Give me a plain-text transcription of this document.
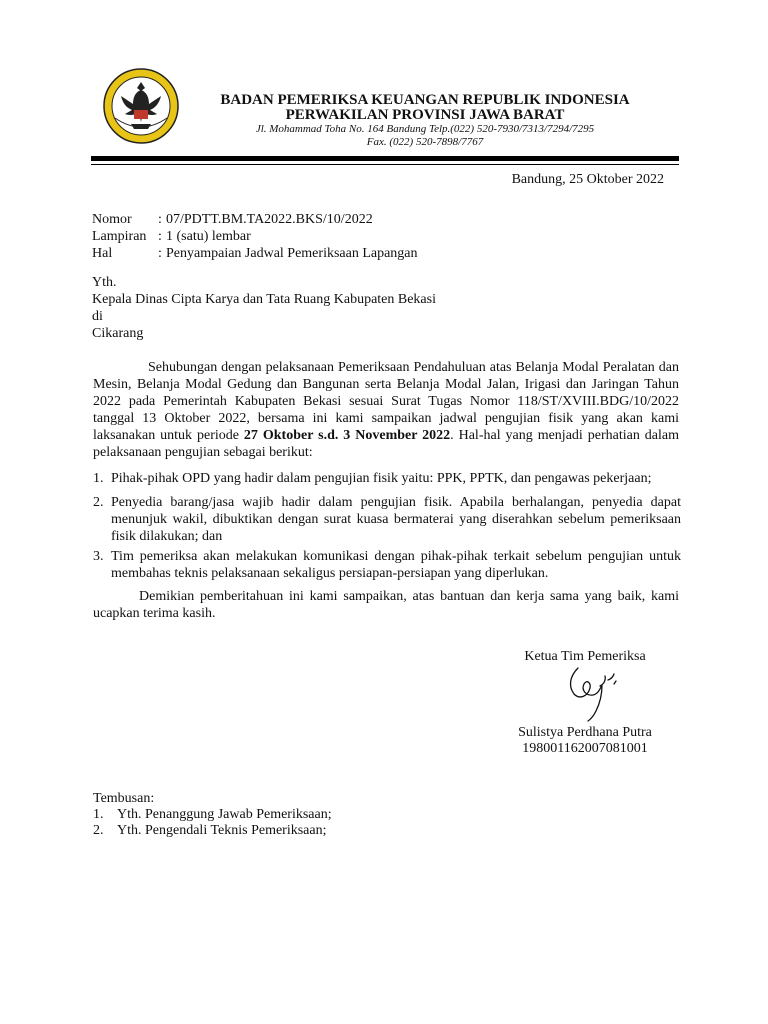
BADAN PEMERIKSA KEUANGAN REPUBLIK INDONESIA
PERWAKILAN PROVINSI JAWA BARAT
Jl. Mohammad Toha No. 164 Bandung Telp.(022) 520-7930/7313/7294/7295
Fax. (022) 520-7898/7767
Bandung, 25 Oktober 2022
Nomor : 07/PDTT.BM.TA2022.BKS/10/2022
Lampiran : 1 (satu) lembar
Hal	: Penyampaian Jadwal Pemeriksaan Lapangan
Yth.
Kepala Dinas Cipta Karya dan Tata Ruang Kabupaten Bekasi
di
Cikarang
Sehubungan dengan pelaksanaan Pemeriksaan Pendahuluan atas Belanja Modal Peralatan dan Mesin, Belanja Modal Gedung dan Bangunan serta Belanja Modal Jalan, Irigasi dan Jaringan Tahun 2022 pada Pemerintah Kabupaten Bekasi sesuai Surat Tugas Nomor 118/ST/XVIII.BDG/10/2022 tanggal 13 Oktober 2022, bersama ini kami sampaikan jadwal pengujian fisik yang akan kami laksanakan untuk periode 27 Oktober s.d. 3 November 2022. Hal-hal yang menjadi perhatian dalam pelaksanaan pengujian sebagai berikut:
1. Pihak-pihak OPD yang hadir dalam pengujian fisik yaitu: PPK, PPTK, dan pengawas pekerjaan;
2. Penyedia barang/jasa wajib hadir dalam pengujian fisik. Apabila berhalangan, penyedia dapat menunjuk wakil, dibuktikan dengan surat kuasa bermaterai yang diserahkan sebelum pemeriksaan fisik dilakukan; dan
3. Tim pemeriksa akan melakukan komunikasi dengan pihak-pihak terkait sebelum pengujian untuk membahas teknis pelaksanaan sekaligus persiapan-persiapan yang diperlukan.
Demikian pemberitahuan ini kami sampaikan, atas bantuan dan kerja sama yang baik, kami ucapkan terima kasih.
Ketua Tim Pemeriksa
Sulistya Perdhana Putra
198001162007081001
Tembusan:
1. Yth. Penanggung Jawab Pemeriksaan;
2. Yth. Pengendali Teknis Pemeriksaan;
